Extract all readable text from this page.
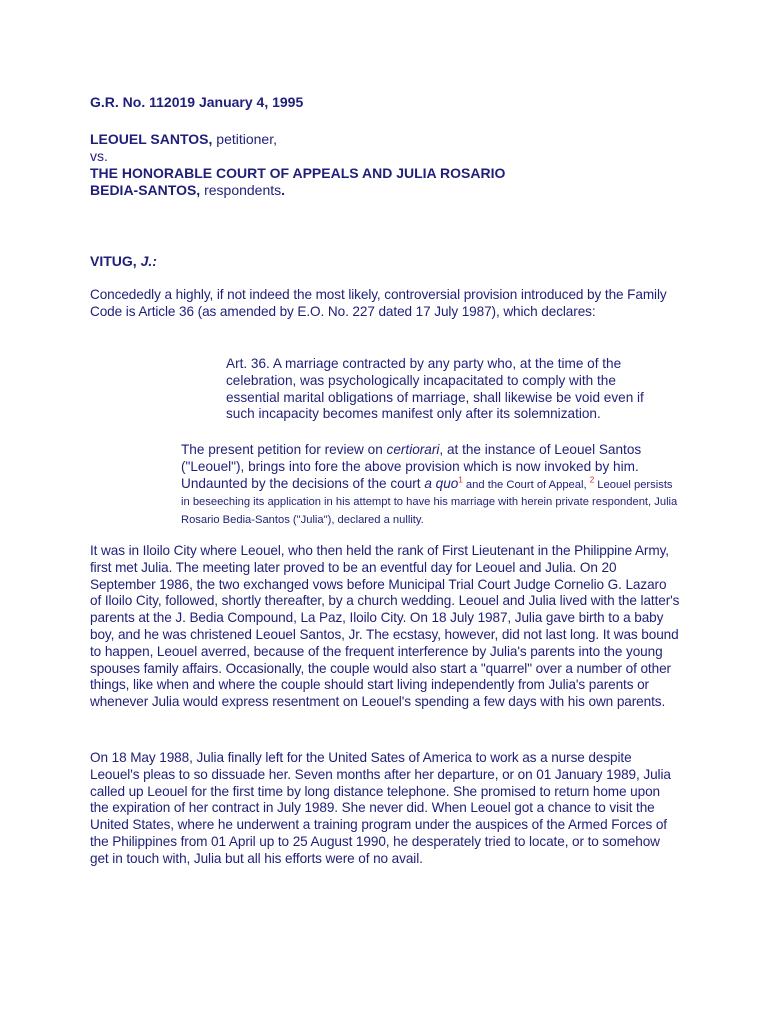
G.R. No. 112019 January 4, 1995
LEOUEL SANTOS, petitioner,
vs.
THE HONORABLE COURT OF APPEALS AND JULIA ROSARIO
BEDIA-SANTOS, respondents.
VITUG, J.:
Concededly a highly, if not indeed the most likely, controversial provision introduced by the Family Code is Article 36 (as amended by E.O. No. 227 dated 17 July 1987), which declares:
Art. 36. A marriage contracted by any party who, at the time of the celebration, was psychologically incapacitated to comply with the essential marital obligations of marriage, shall likewise be void even if such incapacity becomes manifest only after its solemnization.
The present petition for review on certiorari, at the instance of Leouel Santos ("Leouel"), brings into fore the above provision which is now invoked by him. Undaunted by the decisions of the court a quo$^1$ and the Court of Appeal, $^2$ Leouel persists in beseeching its application in his attempt to have his marriage with herein private respondent, Julia Rosario Bedia-Santos ("Julia"), declared a nullity.
It was in Iloilo City where Leouel, who then held the rank of First Lieutenant in the Philippine Army, first met Julia. The meeting later proved to be an eventful day for Leouel and Julia. On 20 September 1986, the two exchanged vows before Municipal Trial Court Judge Cornelio G. Lazaro of Iloilo City, followed, shortly thereafter, by a church wedding. Leouel and Julia lived with the latter's parents at the J. Bedia Compound, La Paz, Iloilo City. On 18 July 1987, Julia gave birth to a baby boy, and he was christened Leouel Santos, Jr. The ecstasy, however, did not last long. It was bound to happen, Leouel averred, because of the frequent interference by Julia's parents into the young spouses family affairs. Occasionally, the couple would also start a "quarrel" over a number of other things, like when and where the couple should start living independently from Julia's parents or whenever Julia would express resentment on Leouel's spending a few days with his own parents.
On 18 May 1988, Julia finally left for the United Sates of America to work as a nurse despite Leouel's pleas to so dissuade her. Seven months after her departure, or on 01 January 1989, Julia called up Leouel for the first time by long distance telephone. She promised to return home upon the expiration of her contract in July 1989. She never did. When Leouel got a chance to visit the United States, where he underwent a training program under the auspices of the Armed Forces of the Philippines from 01 April up to 25 August 1990, he desperately tried to locate, or to somehow get in touch with, Julia but all his efforts were of no avail.
